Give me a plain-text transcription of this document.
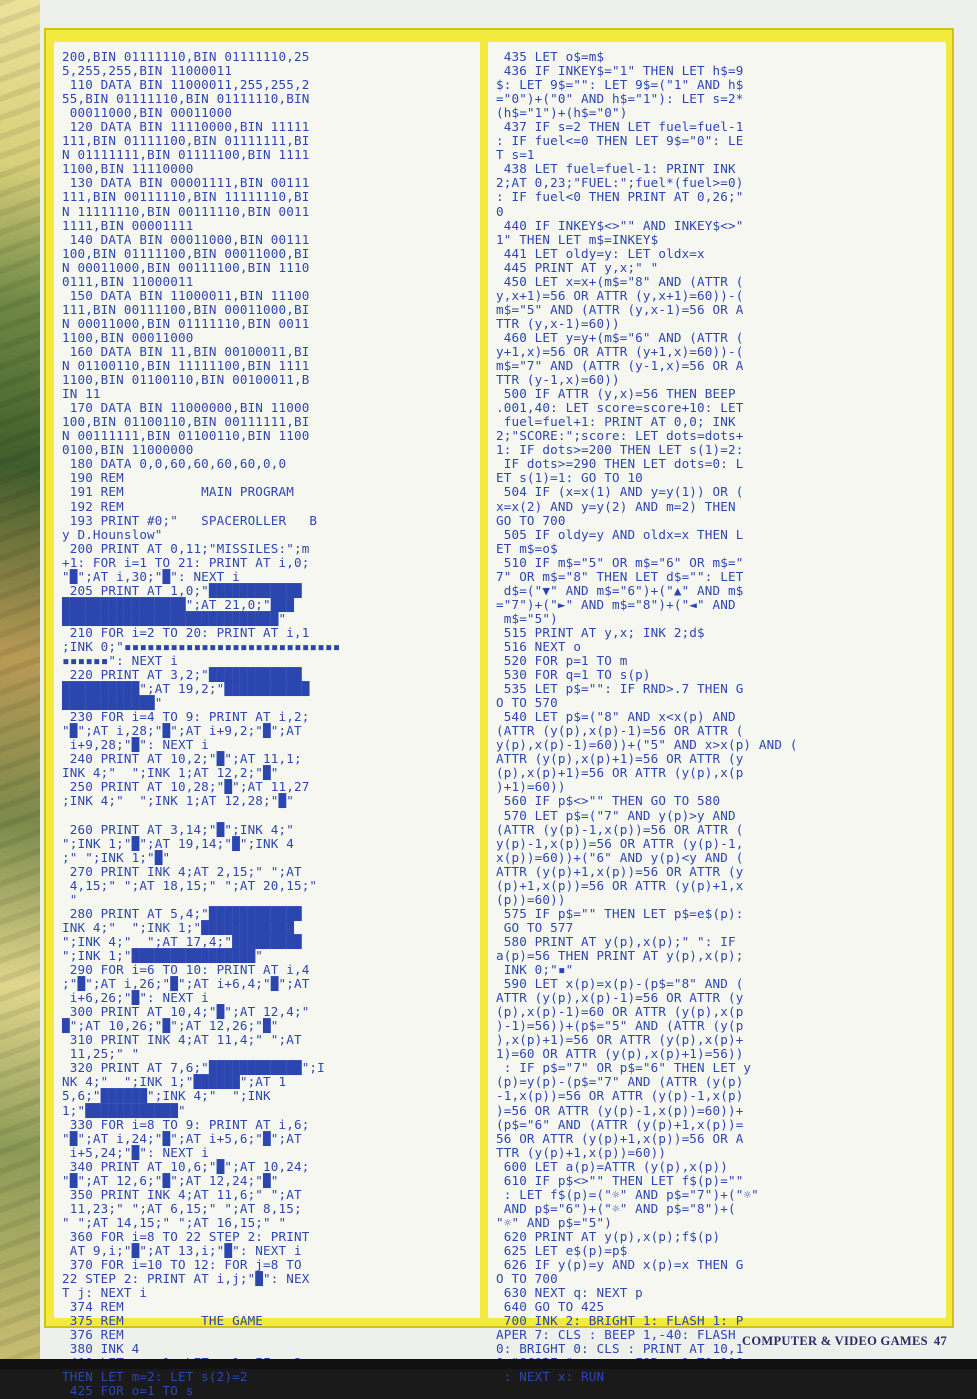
200,BIN 01111110,BIN 01111110,25
5,255,255,BIN 11000011
110 DATA BIN 11000011,255,255,2
55,BIN 01111110,BIN 01111110,BIN
00011000,BIN 00011000
120 DATA BIN 11110000,BIN 11111
111,BIN 01111100,BIN 01111111,BI
N 01111111,BIN 01111100,BIN 1111
1100,BIN 11110000
130 DATA BIN 00001111,BIN 00111
111,BIN 00111110,BIN 11111110,BI
N 11111110,BIN 00111110,BIN 0011
1111,BIN 00001111
140 DATA BIN 00011000,BIN 00111
100,BIN 01111100,BIN 00011000,BI
N 00011000,BIN 00111100,BIN 1110
0111,BIN 11000011
150 DATA BIN 11000011,BIN 11100
111,BIN 00111100,BIN 00011000,BI
N 00011000,BIN 01111110,BIN 0011
1100,BIN 00011000
160 DATA BIN 11,BIN 00100011,BI
N 01100110,BIN 11111100,BIN 1111
1100,BIN 01100110,BIN 00100011,B
IN 11
170 DATA BIN 11000000,BIN 11000
100,BIN 01100110,BIN 00111111,BI
N 00111111,BIN 01100110,BIN 1100
0100,BIN 11000000
180 DATA 0,0,60,60,60,60,0,0
190 REM
191 REM          MAIN PROGRAM
192 REM
193 PRINT #0;"   SPACEROLLER   B
y D.Hounslow"
200 PRINT AT 0,11;"MISSILES:";m
+1: FOR i=1 TO 21: PRINT AT i,0;
"█";AT i,30;"█": NEXT i
205 PRINT AT 1,0;"████████████
████████████████";AT 21,0;"███
████████████████████████████"
210 FOR i=2 TO 20: PRINT AT i,1
;INK 0;"▪▪▪▪▪▪▪▪▪▪▪▪▪▪▪▪▪▪▪▪▪▪▪▪▪▪▪▪
▪▪▪▪▪▪": NEXT i
220 PRINT AT 3,2;"████████████
██████████";AT 19,2;"███████████
████████████"
230 FOR i=4 TO 9: PRINT AT i,2;
"█";AT i,28;"█";AT i+9,2;"█";AT
i+9,28;"█": NEXT i
240 PRINT AT 10,2;"█";AT 11,1;
INK 4;"  ";INK 1;AT 12,2;"█"
250 PRINT AT 10,28;"█";AT 11,27
;INK 4;"  ";INK 1;AT 12,28;"█"
260 PRINT AT 3,14;"█";INK 4;"
";INK 1;"█";AT 19,14;"█";INK 4
;" ";INK 1;"█"
270 PRINT INK 4;AT 2,15;" ";AT
4,15;" ";AT 18,15;" ";AT 20,15;"
"
280 PRINT AT 5,4;"████████████
INK 4;"  ";INK 1;"████████████
";INK 4;"  ";AT 17,4;"█████████
";INK 1;"████████████████"
290 FOR i=6 TO 10: PRINT AT i,4
;"█";AT i,26;"█";AT i+6,4;"█";AT
i+6,26;"█": NEXT i
300 PRINT AT 10,4;"█";AT 12,4;"
█";AT 10,26;"█";AT 12,26;"█"
310 PRINT INK 4;AT 11,4;" ";AT
11,25;" "
320 PRINT AT 7,6;"████████████";I
NK 4;"  ";INK 1;"██████";AT 1
5,6;"██████";INK 4;"  ";INK
1;"████████████"
330 FOR i=8 TO 9: PRINT AT i,6;
"█";AT i,24;"█";AT i+5,6;"█";AT
i+5,24;"█": NEXT i
340 PRINT AT 10,6;"█";AT 10,24;
"█";AT 12,6;"█";AT 12,24;"█"
350 PRINT INK 4;AT 11,6;" ";AT
11,23;" ";AT 6,15;" ";AT 8,15;
" ";AT 14,15;" ";AT 16,15;" "
360 FOR i=8 TO 22 STEP 2: PRINT
AT 9,i;"█";AT 13,i;"█": NEXT i
370 FOR i=10 TO 12: FOR j=8 TO
22 STEP 2: PRINT AT i,j;"█": NEX
T j: NEXT i
374 REM
375 REM          THE GAME
376 REM
380 INK 4
THEN LET m=2: LET s(2)=2
425 FOR o=1 TO s
435 LET o$=m$
436 IF INKEY$="1" THEN LET h$=9
$: LET 9$="": LET 9$=("1" AND h$
="0")+("0" AND h$="1"): LET s=2*
(h$="1")+(h$="0")
437 IF s=2 THEN LET fuel=fuel-1
: IF fuel<=0 THEN LET 9$="0": LE
T s=1
438 LET fuel=fuel-1: PRINT INK
2;AT 0,23;"FUEL:";fuel*(fuel>=0)
: IF fuel<0 THEN PRINT AT 0,26;"
0
440 IF INKEY$<>"" AND INKEY$<>"
1" THEN LET m$=INKEY$
441 LET oldy=y: LET oldx=x
445 PRINT AT y,x;" "
450 LET x=x+(m$="8" AND (ATTR (
y,x+1)=56 OR ATTR (y,x+1)=60))-(
m$="5" AND (ATTR (y,x-1)=56 OR A
TTR (y,x-1)=60))
460 LET y=y+(m$="6" AND (ATTR (
y+1,x)=56 OR ATTR (y+1,x)=60))-(
m$="7" AND (ATTR (y-1,x)=56 OR A
TTR (y-1,x)=60))
500 IF ATTR (y,x)=56 THEN BEEP
.001,40: LET score=score+10: LET
fuel=fuel+1: PRINT AT 0,0; INK
2;"SCORE:";score: LET dots=dots+
1: IF dots>=200 THEN LET s(1)=2:
IF dots>=290 THEN LET dots=0: L
ET s(1)=1: GO TO 10
504 IF (x=x(1) AND y=y(1)) OR (
x=x(2) AND y=y(2) AND m=2) THEN
GO TO 700
505 IF oldy=y AND oldx=x THEN L
ET m$=o$
510 IF m$="5" OR m$="6" OR m$="
7" OR m$="8" THEN LET d$="": LET
d$=("▼" AND m$="6")+("▲" AND m$
="7")+("►" AND m$="8")+("◄" AND
m$="5")
515 PRINT AT y,x; INK 2;d$
516 NEXT o
520 FOR p=1 TO m
530 FOR q=1 TO s(p)
535 LET p$="": IF RND>.7 THEN G
O TO 570
540 LET p$=("8" AND x<x(p) AND
(ATTR (y(p),x(p)-1)=56 OR ATTR (
y(p),x(p)-1)=60))+("5" AND x>x(p) AND (
ATTR (y(p),x(p)+1)=56 OR ATTR (y
(p),x(p)+1)=56 OR ATTR (y(p),x(p
)+1)=60))
560 IF p$<>"" THEN GO TO 580
570 LET p$=("7" AND y(p)>y AND
(ATTR (y(p)-1,x(p))=56 OR ATTR (
y(p)-1,x(p))=56 OR ATTR (y(p)-1,
x(p))=60))+("6" AND y(p)<y AND (
ATTR (y(p)+1,x(p))=56 OR ATTR (y
(p)+1,x(p))=56 OR ATTR (y(p)+1,x
(p))=60))
575 IF p$="" THEN LET p$=e$(p):
GO TO 577
580 PRINT AT y(p),x(p);" ": IF
a(p)=56 THEN PRINT AT y(p),x(p);
INK 0;"▪"
590 LET x(p)=x(p)-(p$="8" AND (
ATTR (y(p),x(p)-1)=56 OR ATTR (y
(p),x(p)-1)=60 OR ATTR (y(p),x(p
)-1)=56))+(p$="5" AND (ATTR (y(p
),x(p)+1)=56 OR ATTR (y(p),x(p)+
1)=60 OR ATTR (y(p),x(p)+1)=56))
: IF p$="7" OR p$="6" THEN LET y
(p)=y(p)-(p$="7" AND (ATTR (y(p)
-1,x(p))=56 OR ATTR (y(p)-1,x(p)
)=56 OR ATTR (y(p)-1,x(p))=60))+
(p$="6" AND (ATTR (y(p)+1,x(p))=
56 OR ATTR (y(p)+1,x(p))=56 OR A
TTR (y(p)+1,x(p))=60))
600 LET a(p)=ATTR (y(p),x(p))
610 IF p$<>"" THEN LET f$(p)=""
: LET f$(p)=("☼" AND p$="7")+("☼"
AND p$="6")+("☼" AND p$="8")+(
"☼" AND p$="5")
620 PRINT AT y(p),x(p);f$(p)
625 LET e$(p)=p$
626 IF y(p)=y AND x(p)=x THEN G
O TO 700
630 NEXT q: NEXT p
640 GO TO 425
700 INK 2: BRIGHT 1: FLASH 1: P
APER 7: CLS : BEEP 1,-40: FLASH
0: BRIGHT 0: CLS : PRINT AT 10,1
: NEXT x: RUN
COMPUTER & VIDEO GAMES 47
